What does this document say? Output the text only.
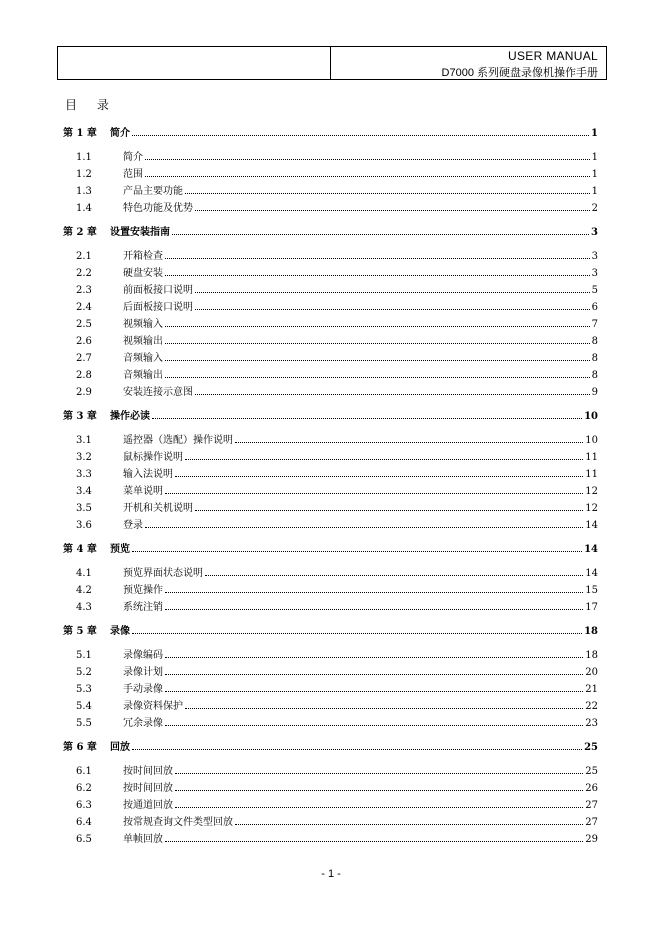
USER MANUAL
D7000 系列硬盘录像机操作手册
目 录
第 1 章	简介	1
1.1	简介	1
1.2	范围	1
1.3	产品主要功能	1
1.4	特色功能及优势	2
第 2 章	设置安装指南	3
2.1	开箱检查	3
2.2	硬盘安装	3
2.3	前面板接口说明	5
2.4	后面板接口说明	6
2.5	视频输入	7
2.6	视频输出	8
2.7	音频输入	8
2.8	音频输出	8
2.9	安装连接示意图	9
第 3 章	操作必读	10
3.1	遥控器（选配）操作说明	10
3.2	鼠标操作说明	11
3.3	输入法说明	11
3.4	菜单说明	12
3.5	开机和关机说明	12
3.6	登录	14
第 4 章	预览	14
4.1	预览界面状态说明	14
4.2	预览操作	15
4.3	系统注销	17
第 5 章	录像	18
5.1	录像编码	18
5.2	录像计划	20
5.3	手动录像	21
5.4	录像资料保护	22
5.5	冗余录像	23
第 6 章	回放	25
6.1	按时间回放	25
6.2	按时间回放	26
6.3	按通道回放	27
6.4	按常规查询文件类型回放	27
6.5	单帧回放	29
- 1 -
